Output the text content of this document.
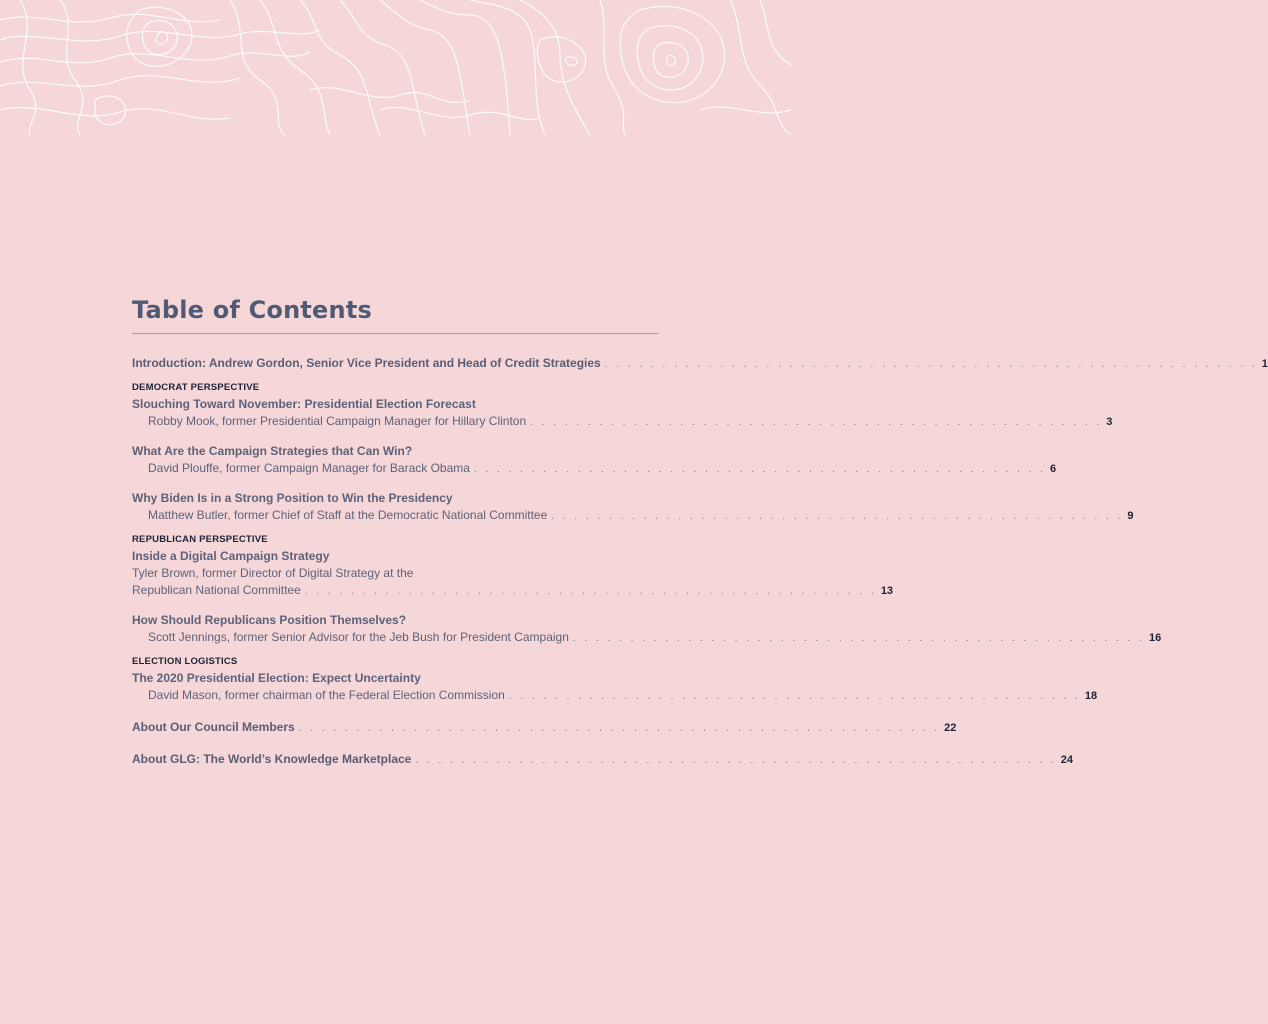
Table of Contents
Introduction: Andrew Gordon, Senior Vice President and Head of Credit Strategies . . . . . . . . . . . . . . . . . . . . . . . . . . . . . . . . . . . . . . . . . . . . . . . . . . . . . . . . . 1
DEMOCRAT PERSPECTIVE
Slouching Toward November: Presidential Election Forecast
Robby Mook, former Presidential Campaign Manager for Hillary Clinton . . . . . . . . . . . . . . . . . . . . . . . . . . . . . . . . . . . . . . . . . . . . . . . . . . 3
What Are the Campaign Strategies that Can Win?
David Plouffe, former Campaign Manager for Barack Obama . . . . . . . . . . . . . . . . . . . . . . . . . . . . . . . . . . . . . . . . . . . . . . . . . . 6
Why Biden Is in a Strong Position to Win the Presidency
Matthew Butler, former Chief of Staff at the Democratic National Committee . . . . . . . . . . . . . . . . . . . . . . . . . . . . . . . . . . . . . . . . . . . . . . . . . . 9
REPUBLICAN PERSPECTIVE
Inside a Digital Campaign Strategy
Tyler Brown, former Director of Digital Strategy at the
Republican National Committee . . . . . . . . . . . . . . . . . . . . . . . . . . . . . . . . . . . . . . . . . . . . . . . . . . 13
How Should Republicans Position Themselves?
Scott Jennings, former Senior Advisor for the Jeb Bush for President Campaign . . . . . . . . . . . . . . . . . . . . . . . . . . . . . . . . . . . . . . . . . . . . . . . . . . 16
ELECTION LOGISTICS
The 2020 Presidential Election: Expect Uncertainty
David Mason, former chairman of the Federal Election Commission . . . . . . . . . . . . . . . . . . . . . . . . . . . . . . . . . . . . . . . . . . . . . . . . . . 18
About Our Council Members . . . . . . . . . . . . . . . . . . . . . . . . . . . . . . . . . . . . . . . . . . . . . . . . . . . . . . . . 22
About GLG: The World’s Knowledge Marketplace . . . . . . . . . . . . . . . . . . . . . . . . . . . . . . . . . . . . . . . . . . . . . . . . . . . . . . . . 24
